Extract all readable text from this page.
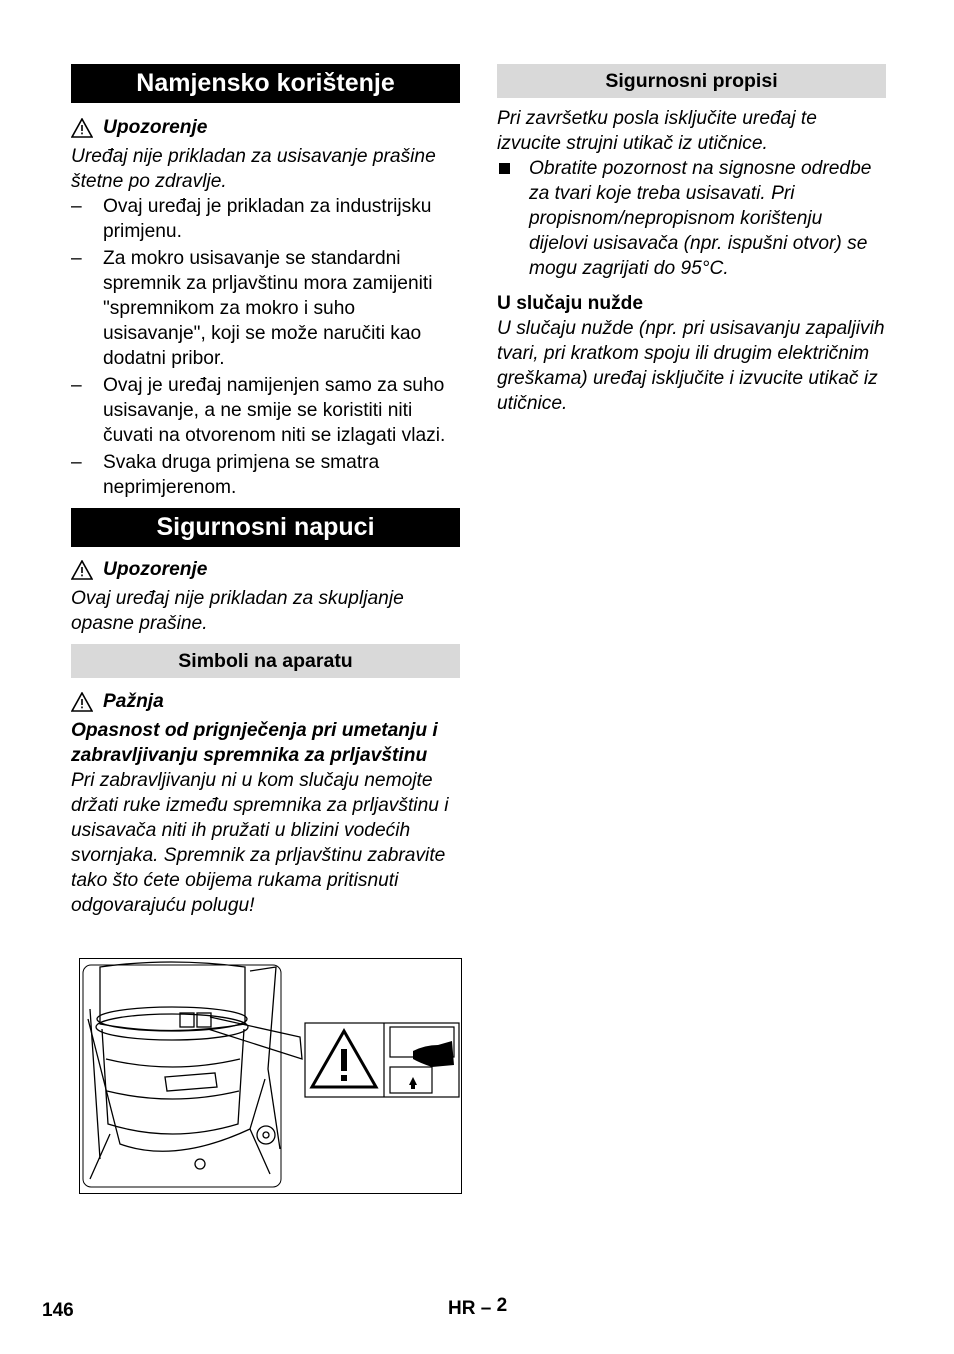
Namjensko korištenje
Upozorenje

Uređaj nije prikladan za usisavanje prašine štetne po zdravlje.

– Ovaj uređaj je prikladan za industrijsku primjenu.
– Za mokro usisavanje se standardni spremnik za prljavštinu mora zamijeniti "spremnikom za mokro i suho usisavanje", koji se može naručiti kao dodatni pribor.
– Ovaj je uređaj namijenjen samo za suho usisavanje, a ne smije se koristiti niti čuvati na otvorenom niti se izlagati vlazi.
– Svaka druga primjena se smatra neprimjerenom.
Sigurnosni napuci
Upozorenje

Ovaj uređaj nije prikladan za skupljanje opasne prašine.

Simboli na aparatu
Pažnja

Opasnost od prignječenja pri umetanju i zabravljivanju spremnika za prljavštinu

Pri zabravljivanju ni u kom slučaju nemojte držati ruke između spremnika za prljavštinu i usisavača niti ih pružati u blizini vodećih svornjaka. Spremnik za prljavštinu zabravite tako što ćete obijema rukama pritisnuti odgovarajuću polugu!

Sigurnosni propisi

Pri završetku posla isključite uređaj te izvucite strujni utikač iz utičnice.

Obratite pozornost na signosne odredbe za tvari koje treba usisavati. Pri propisnom/nepropisnom korištenju dijelovi usisavača (npr. ispušni otvor) se mogu zagrijati do 95°C.

U slučaju nužde

U slučaju nužde (npr. pri usisavanju zapaljivih tvari, pri kratkom spoju ili drugim električnim greškama) uređaj isključite i izvucite utikač iz utičnice.

146	HR – 2
